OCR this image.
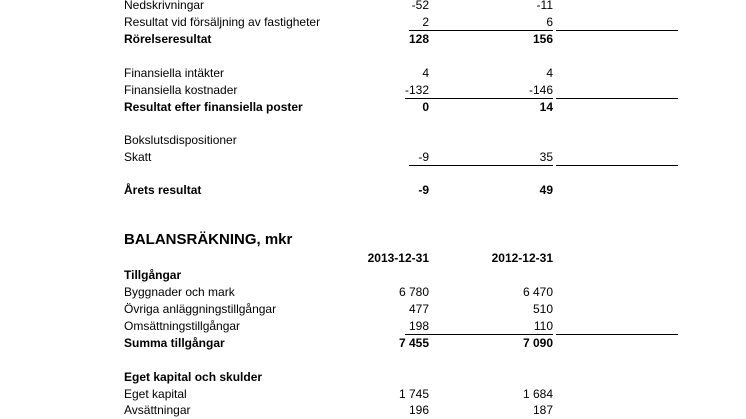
Nedskrivningar	-52	-11
Resultat vid försäljning av fastigheter	2	6
Rörelseresultat	128	156
Finansiella intäkter	4	4
Finansiella kostnader	-132	-146
Resultat efter finansiella poster	0	14
Bokslutsdispositioner
Skatt	-9	35
Årets resultat	-9	49
BALANSRÄKNING, mkr
2013-12-31	2012-12-31
Tillgångar
Byggnader och mark	6 780	6 470
Övriga anläggningstillgångar	477	510
Omsättningstillgångar	198	110
Summa tillgångar	7 455	7 090
Eget kapital och skulder
Eget kapital	1 745	1 684
Avsättningar	196	187
